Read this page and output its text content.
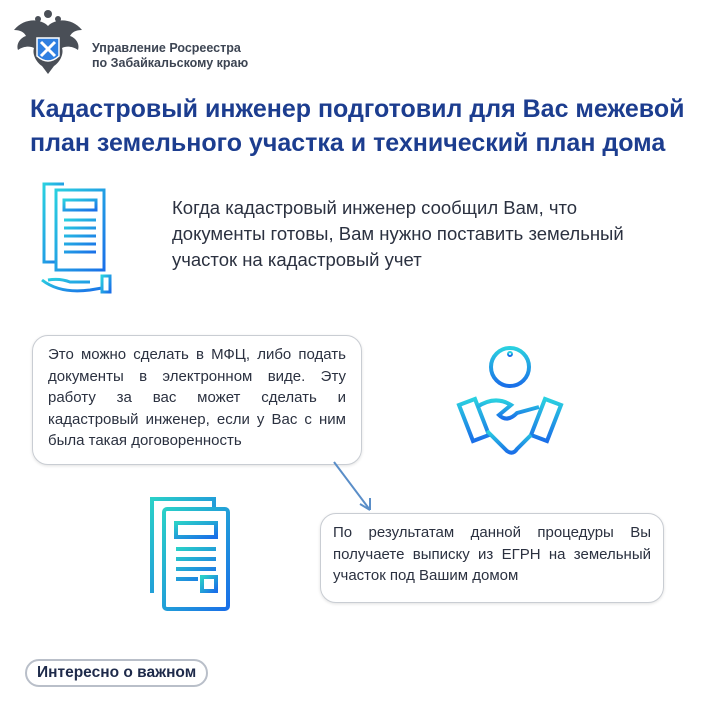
Управление Росреестра
по Забайкальскому краю
Кадастровый инженер подготовил для Вас межевой план земельного участка и технический план дома
Когда кадастровый инженер сообщил Вам, что документы готовы, Вам нужно поставить земельный участок на кадастровый учет
Это можно сделать в МФЦ, либо подать документы в электронном виде. Эту работу за вас может сделать и кадастровый инженер, если у Вас с ним была такая договоренность
По результатам данной процедуры Вы получаете выписку из ЕГРН на земельный участок под Вашим домом
Интересно о важном
